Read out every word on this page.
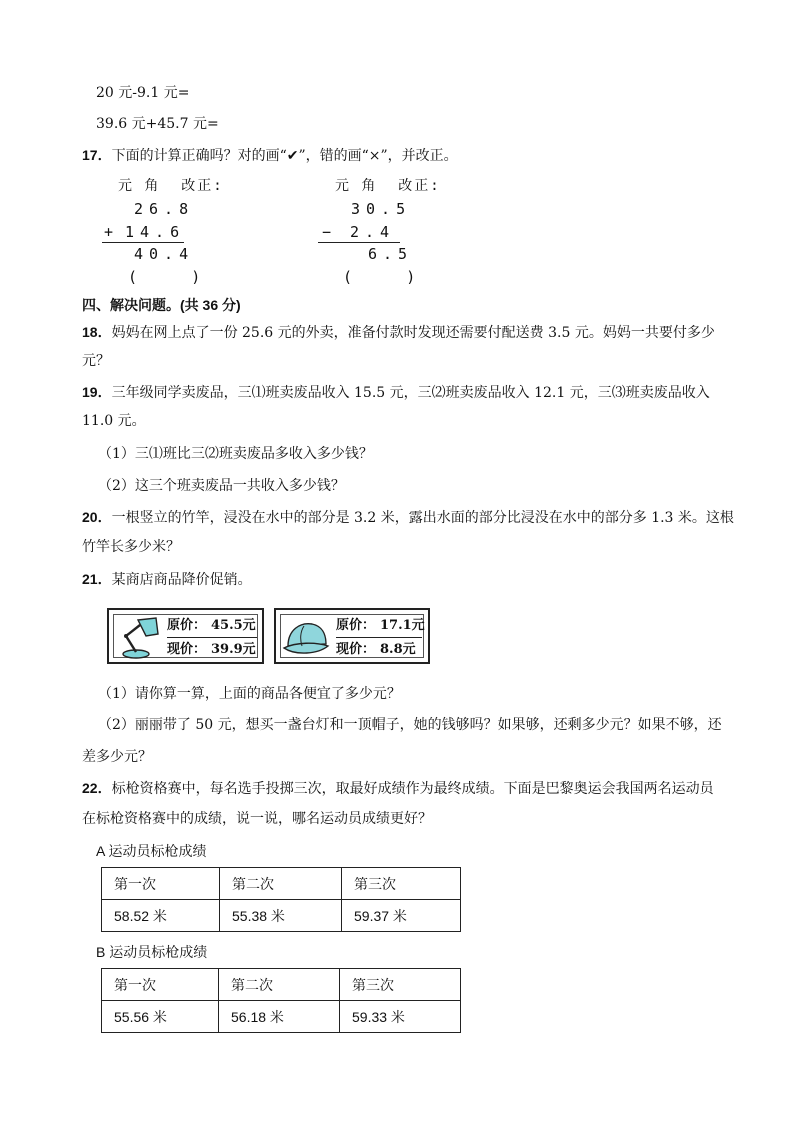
20 元-9.1 元=
39.6 元+45.7 元=
17．下面的计算正确吗？对的画“✔”，错的画“×”，并改正。
元 角  改正:
26.8
+ 14.6
40.4
(      )
元 角  改正:
30.5
− 2.4
6.5
(      )
四、解决问题。(共 36 分)
18．妈妈在网上点了一份 25.6 元的外卖，准备付款时发现还需要付配送费 3.5 元。妈妈一共要付多少
元？
19．三年级同学卖废品，三⑴班卖废品收入 15.5 元，三⑵班卖废品收入 12.1 元，三⑶班卖废品收入
11.0 元。
（1）三⑴班比三⑵班卖废品多收入多少钱？
（2）这三个班卖废品一共收入多少钱？
20．一根竖立的竹竿，浸没在水中的部分是 3.2 米，露出水面的部分比浸没在水中的部分多 1.3 米。这根
竹竿长多少米？
21．某商店商品降价促销。
原价： 45.5元
现价： 39.9元
原价： 17.1元
现价： 8.8元
（1）请你算一算，上面的商品各便宜了多少元？
（2）丽丽带了 50 元，想买一盏台灯和一顶帽子，她的钱够吗？如果够，还剩多少元？如果不够，还
差多少元？
22．标枪资格赛中，每名选手投掷三次，取最好成绩作为最终成绩。下面是巴黎奥运会我国两名运动员
在标枪资格赛中的成绩，说一说，哪名运动员成绩更好？
A 运动员标枪成绩
第一次	第二次	第三次
58.52 米	55.38 米	59.37 米
B 运动员标枪成绩
第一次	第二次	第三次
55.56 米	56.18 米	59.33 米
